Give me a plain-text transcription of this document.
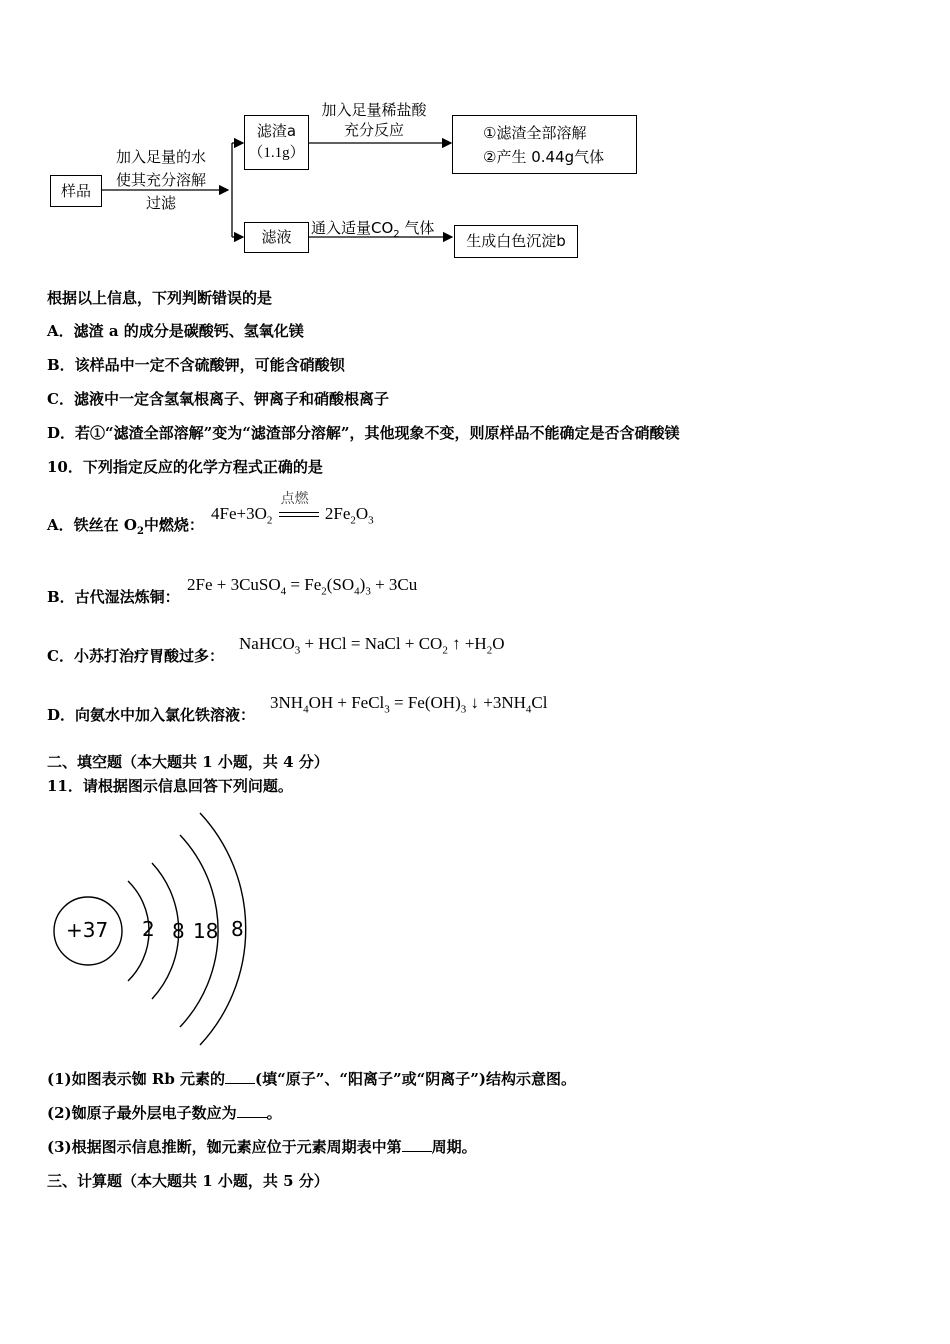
样品
加入足量的水
使其充分溶解
过滤
滤渣a
（1.1g）
加入足量稀盐酸
充分反应	①滤渣全部溶解
②产生 0.44g气体
滤液	通入适量$CO_2$ 气体
生成白色沉淀b
根据以上信息，下列判断错误的是
A．滤渣 a 的成分是碳酸钙、氢氧化镁
B．该样品中一定不含硫酸钾，可能含硝酸钡
C．滤液中一定含氢氧根离子、钾离子和硝酸根离子
D．若①“滤渣全部溶解”变为“滤渣部分溶解”，其他现象不变，则原样品不能确定是否含硝酸镁
10．下列指定反应的化学方程式正确的是
A．铁丝在 $O_2$中燃烧：
$4Fe+3O_2$
点燃
$2Fe_2O_3$
B．古代湿法炼铜：
2Fe + 3CuSO$_4$ = $Fe_2(SO_4)_3 + 3Cu$
C．小苏打治疗胃酸过多：
NaHCO$_3$ + HCl = NaCl + $CO_2$ ↑ $+H_2O$
D．向氨水中加入氯化铁溶液：
$3NH_4OH$ + FeCl$_3$ = $Fe(OH)_3$ ↓ $+3NH_4Cl$
二、填空题（本大题共 1 小题，共 4 分）
11．请根据图示信息回答下列问题。
+37 2 8 18 8
(1)如图表示铷 Rb 元素的 (填“原子”、“阳离子”或“阴离子”)结构示意图。
(2)铷原子最外层电子数应为 。
(3)根据图示信息推断，铷元素应位于元素周期表中第 周期。
三、计算题（本大题共 1 小题，共 5 分）
